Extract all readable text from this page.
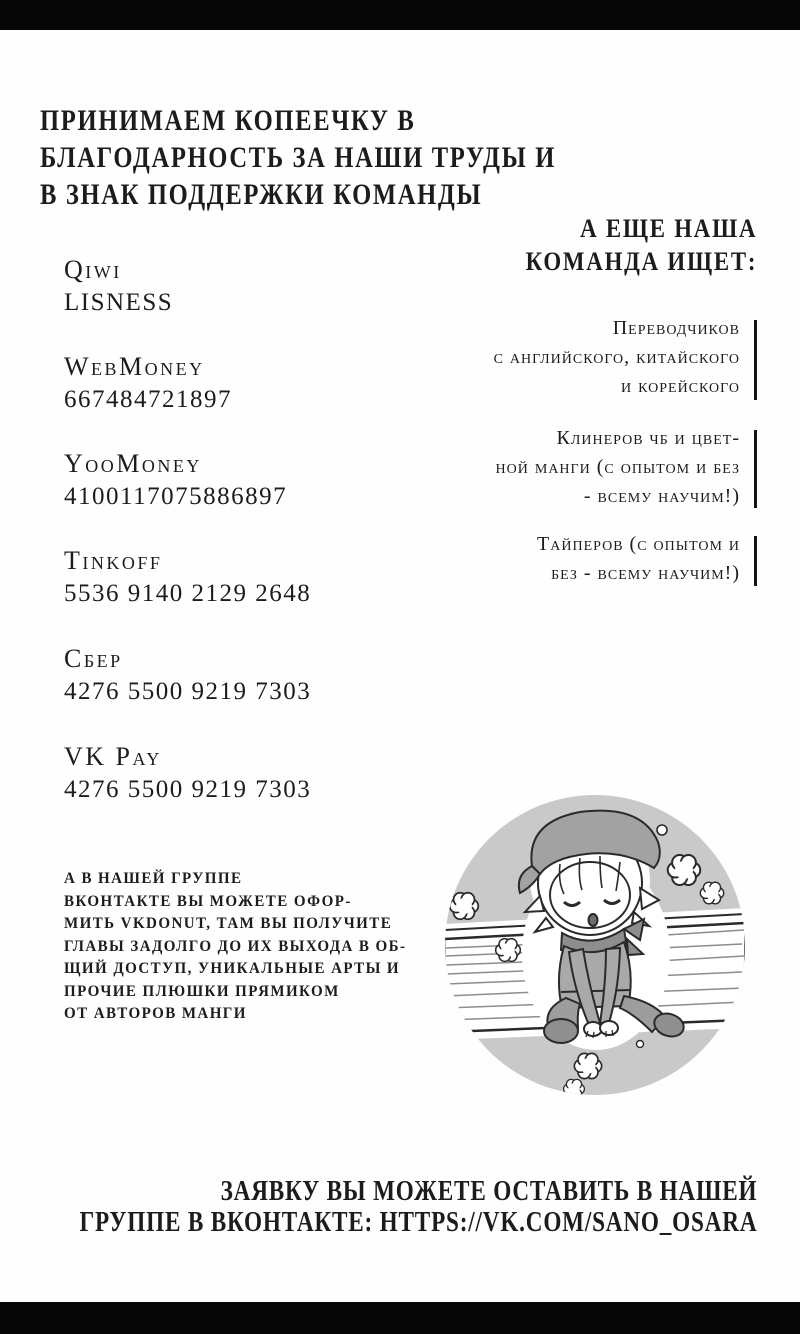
ПРИНИМАЕМ КОПЕЕЧКУ В
БЛАГОДАРНОСТЬ ЗА НАШИ ТРУДЫ И
В ЗНАК ПОДДЕРЖКИ КОМАНДЫ
А ЕЩЕ НАША
КОМАНДА ИЩЕТ:
Qiwi
LISNESS
WebMoney
667484721897
YooMoney
4100117075886897
Tinkoff
5536 9140 2129 2648
Сбер
4276 5500 9219 7303
VK Pay
4276 5500 9219 7303
Переводчиков
с английского, китайского
и корейского
Клинеров чб и цвет-
ной манги (с опытом и без
- всему научим!)
Тайперов (с опытом и
без - всему научим!)
А В НАШЕЙ ГРУППЕ
ВКОНТАКТЕ ВЫ МОЖЕТЕ ОФОР-
МИТЬ VKDONUT, ТАМ ВЫ ПОЛУЧИТЕ
ГЛАВЫ ЗАДОЛГО ДО ИХ ВЫХОДА В ОБ-
ЩИЙ ДОСТУП, УНИКАЛЬНЫЕ АРТЫ И
ПРОЧИЕ ПЛЮШКИ ПРЯМИКОМ
ОТ АВТОРОВ МАНГИ
ЗАЯВКУ ВЫ МОЖЕТЕ ОСТАВИТЬ В НАШЕЙ
ГРУППЕ В ВКОНТАКТЕ: HTTPS://VK.COM/SANO_OSARA
